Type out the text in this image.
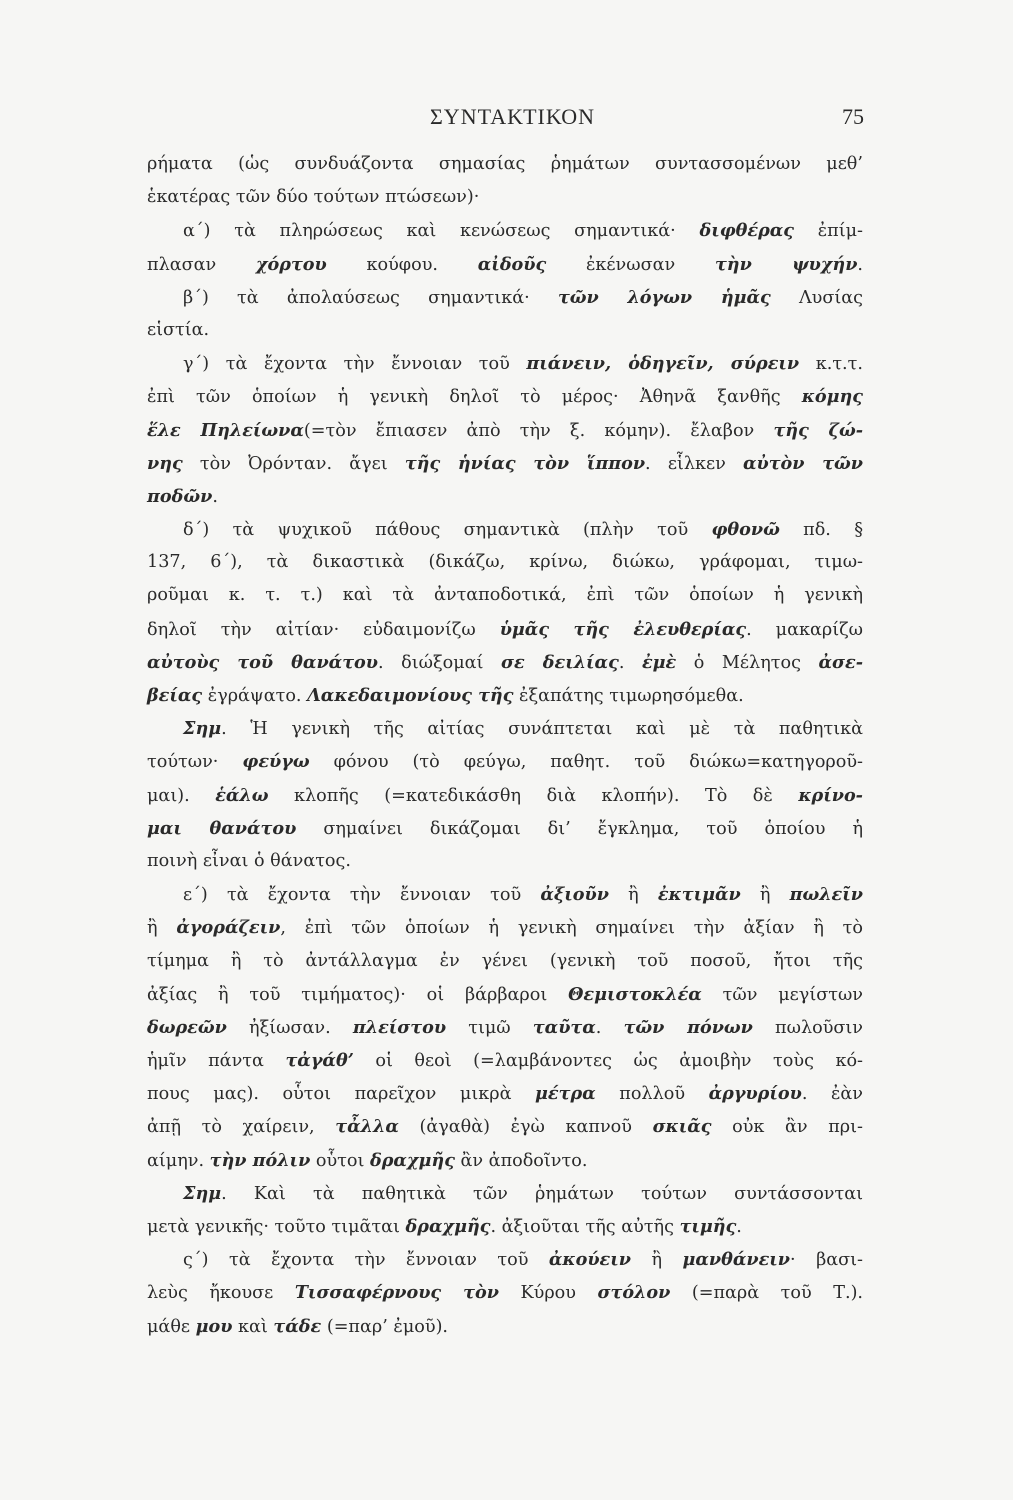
ΣΥΝΤΑΚΤΙΚΟΝ	75
ρήματα (ὡς συνδυάζοντα σημασίας ῥημάτων συντασσομένων μεθ’
ἑκατέρας τῶν δύο τούτων πτώσεων)·
α΄) τὰ πληρώσεως καὶ κενώσεως σημαντικά· διφθέρας ἐπίμ-
πλασαν χόρτου κούφου. αἰδοῦς ἐκένωσαν τὴν ψυχήν.
β΄) τὰ ἀπολαύσεως σημαντικά· τῶν λόγων ἡμᾶς Λυσίας
εἱστία.
γ΄) τὰ ἔχοντα τὴν ἔννοιαν τοῦ πιάνειν, ὁδηγεῖν, σύρειν κ.τ.τ.
ἐπὶ τῶν ὁποίων ἡ γενικὴ δηλοῖ τὸ μέρος· Ἀθηνᾶ ξανθῆς κόμης
ἕλε Πηλείωνα(=τὸν ἔπιασεν ἀπὸ τὴν ξ. κόμην). ἔλαβον τῆς ζώ-
νης τὸν Ὀρόνταν. ἄγει τῆς ἡνίας τὸν ἵππον. εἷλκεν αὐτὸν τῶν
ποδῶν.
δ΄) τὰ ψυχικοῦ πάθους σημαντικὰ (πλὴν τοῦ φθονῶ πδ. §
137, 6΄), τὰ δικαστικὰ (δικάζω, κρίνω, διώκω, γράφομαι, τιμω-
ροῦμαι κ. τ. τ.) καὶ τὰ ἀνταποδοτικά, ἐπὶ τῶν ὁποίων ἡ γενικὴ
δηλοῖ τὴν αἰτίαν· εὐδαιμονίζω ὑμᾶς τῆς ἐλευθερίας. μακαρίζω
αὐτοὺς τοῦ θανάτου. διώξομαί σε δειλίας. ἐμὲ ὁ Μέλητος ἀσε-
βείας ἐγράψατο. Λακεδαιμονίους τῆς ἐξαπάτης τιμωρησόμεθα.
Σημ. Ἡ γενικὴ τῆς αἰτίας συνάπτεται καὶ μὲ τὰ παθητικὰ
τούτων· φεύγω φόνου (τὸ φεύγω, παθητ. τοῦ διώκω=κατηγοροῦ-
μαι). ἑάλω κλοπῆς (=κατεδικάσθη διὰ κλοπήν). Τὸ δὲ κρίνο-
μαι θανάτου σημαίνει δικάζομαι δι’ ἔγκλημα, τοῦ ὁποίου ἡ
ποινὴ εἶναι ὁ θάνατος.
ε΄) τὰ ἔχοντα τὴν ἔννοιαν τοῦ ἀξιοῦν ἢ ἐκτιμᾶν ἢ πωλεῖν
ἢ ἀγοράζειν, ἐπὶ τῶν ὁποίων ἡ γενικὴ σημαίνει τὴν ἀξίαν ἢ τὸ
τίμημα ἢ τὸ ἀντάλλαγμα ἐν γένει (γενικὴ τοῦ ποσοῦ, ἤτοι τῆς
ἀξίας ἢ τοῦ τιμήματος)· οἱ βάρβαροι Θεμιστοκλέα τῶν μεγίστων
δωρεῶν ἠξίωσαν. πλείστου τιμῶ ταῦτα. τῶν πόνων πωλοῦσιν
ἡμῖν πάντα τἀγάθ’ οἱ θεοὶ (=λαμβάνοντες ὡς ἀμοιβὴν τοὺς κό-
πους μας). οὗτοι παρεῖχον μικρὰ μέτρα πολλοῦ ἀργυρίου. ἐὰν
ἀπῇ τὸ χαίρειν, τἆλλα (ἀγαθὰ) ἐγὼ καπνοῦ σκιᾶς οὐκ ἂν πρι-
αίμην. τὴν πόλιν οὗτοι δραχμῆς ἂν ἀποδοῖντο.
Σημ. Καὶ τὰ παθητικὰ τῶν ῥημάτων τούτων συντάσσονται
μετὰ γενικῆς· τοῦτο τιμᾶται δραχμῆς. ἀξιοῦται τῆς αὐτῆς τιμῆς.
ς΄) τὰ ἔχοντα τὴν ἔννοιαν τοῦ ἀκούειν ἢ μανθάνειν· βασι-
λεὺς ἤκουσε Τισσαφέρνους τὸν Κύρου στόλον (=παρὰ τοῦ Τ.).
μάθε μου καὶ τάδε (=παρ’ ἐμοῦ).
